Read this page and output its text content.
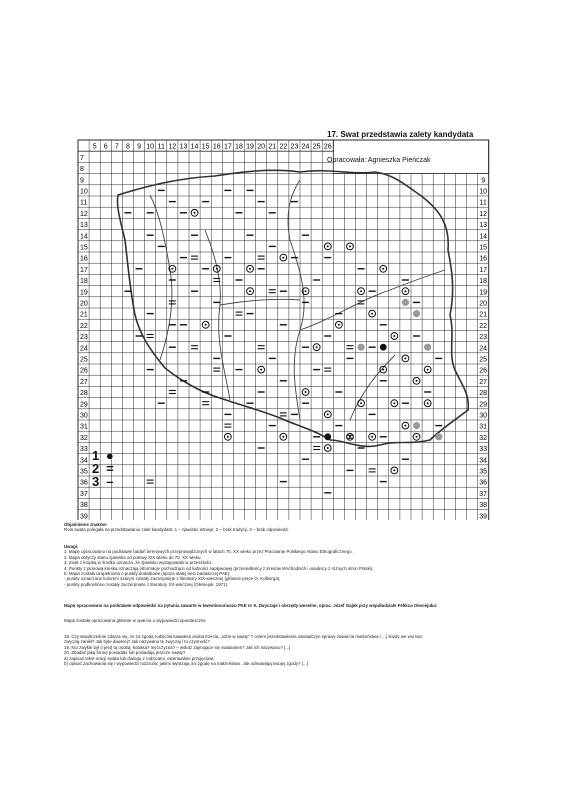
5 6 7 8 9 10 11 12 13 14 15 16 17 18 19 20 21 22 23 24 25 26
7
8
9
10
11
12
13
14
15
16
17
18
19
20
21
22
23
24
25
26
27
28
29
30
31
32
33
34
35
36
37
38
39
9
10
11
12
13
14
15
16
17
18
19
20
21
22
23
24
25
26
27
28
29
30
31
32
33
34
35
36
37
38
39

17. Swat przedstawia zalety kandydata

Opracowała: Agnieszka Pieńczak
1 ●
2 =
3 –

Objaśnienie znaków:

Rola swata polegała na przedstawianiu zalet kandydata: 1 – zjawisko istnieje, 2 – brak tradycji, 3 – brak odpowiedzi

Uwagi:

1. Mapę opracowano na podstawie badań terenowych przeprowadzonych w latach 70. XX wieku przez Pracownię Polskiego Atlasu Etnograficznego.

2. Mapa dotyczy stanu zjawiska od połowy XIX wieku do 70. XX wieku.

3. Znak z kropką w środku oznacza, że zjawisko występowało w przeszłości.

4. Punkty z pionową kreską oznaczają informacje pochodzące od ludności napływowej (przesiedleńcy z Kresów Wschodnich i osadnicy z różnych stron Polski).

5. Mapa została uzupełniona o punkty dodatkowe (spoza stałej sieci badawczej PAE):

- punkty oznaczone kolorem szarym zostały zaczerpnięte z literatury XIX-wiecznej (głównie prace O. Kolberga),

- punkty podkreślone zostały zaczerpnięte z literatury XX-wiecznej (Olesiejuk, 1971).

Mapę opracowano na podstawie odpowiedzi na pytania zawarte w kwestionariuszu PAE nr 9. Zwyczaje i obrzędy weselne, oprac. Józef Gajek przy współudziale Felikса Olesiejuka:

Mapa została opracowana głównie w oparciu o wypowiedzi spontaniczne

18. Czy współcześnie zdarza się, że za zgodą rodziców kawalera osoba trzecia, „idzie w swaty” ? celem przedstawienia oświadczyn sprawy zawarcia małżeństwa / ...) Kiedy we wsi two

zwyczaj zanikł? Jak było dawniej? Jak nazywano tę zwyczaj / to czynność?

19. Kto zwykle był (i jest) tą osobą: kobieta? mężczyzna? – wskaż zajmujące się swataniem? Jak ich nazywano? [...]

20. Zbadać jaką formę posiadały lub posiadają jeszcze swaty?

a) zapisać tekst oracji swata lub dialogu z rodzicami, ewentualnie przyjęciowi,

b) opisać zachowania się i wypowiedzi rodziców, jakimi wyrażają oni zgodę na małżeństwo. Jak odmawiają swojej zgody? [...]
